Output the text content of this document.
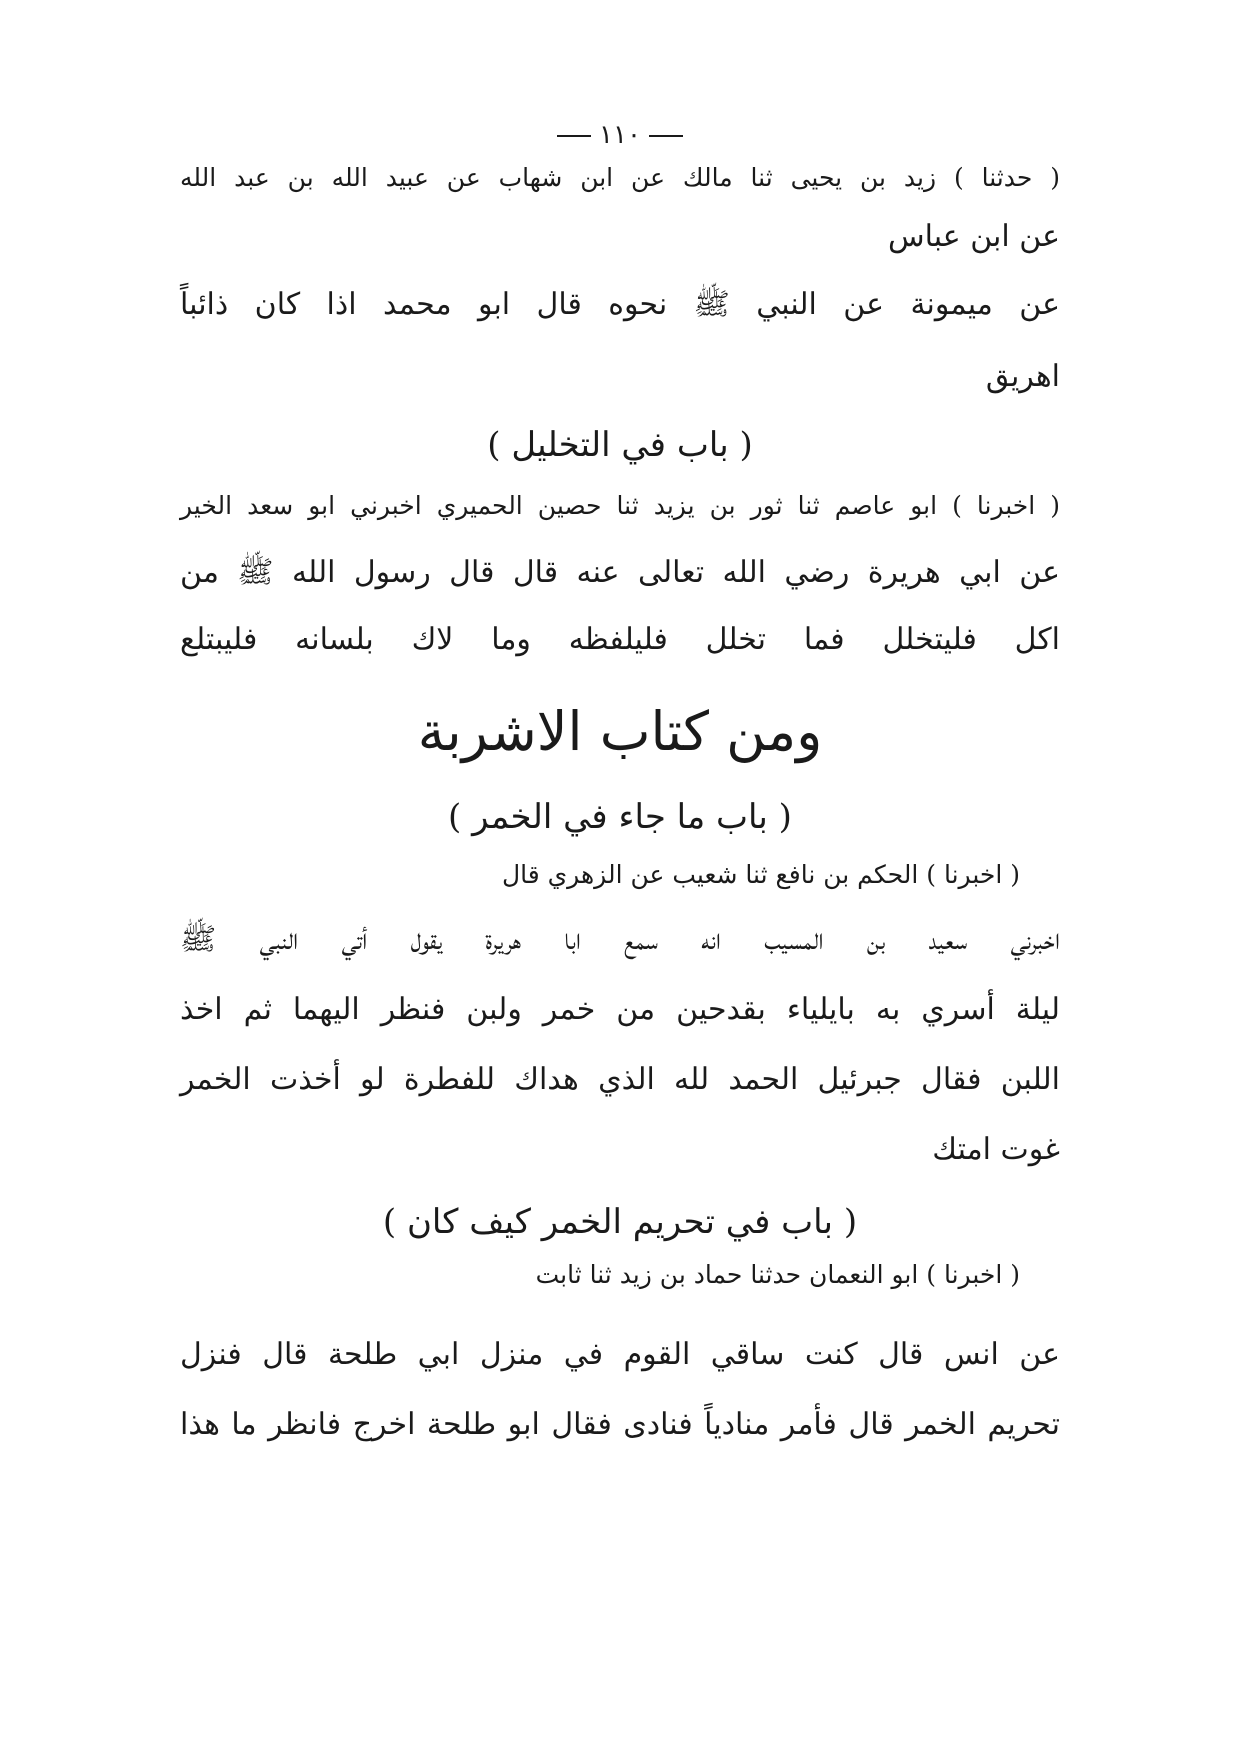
١١٠
( حدثنا ) زيد بن يحيى ثنا مالك عن ابن شهاب عن عبيد الله بن عبد الله
عن ابن عباس
عن ميمونة عن النبي ﷺ نحوه قال ابو محمد اذا كان ذائباً
اهريق
( باب في التخليل )
( اخبرنا ) ابو عاصم ثنا ثور بن يزيد ثنا حصين الحميري اخبرني ابو سعد الخير
عن ابي هريرة رضي الله تعالى عنه قال قال رسول الله ﷺ من
اكل فليتخلل فما تخلل فليلفظه وما لاك بلسانه فليبتلع
ومن كتاب الاشربة
( باب ما جاء في الخمر )
( اخبرنا ) الحكم بن نافع ثنا شعيب عن الزهري قال
اخبرني سعيد بن المسيب انه سمع ابا هريرة يقول أتي النبي ﷺ
ليلة أسري به بايلياء بقدحين من خمر ولبن فنظر اليهما ثم اخذ
اللبن فقال جبرئيل الحمد لله الذي هداك للفطرة لو أخذت الخمر
غوت امتك
( باب في تحريم الخمر كيف كان )
( اخبرنا ) ابو النعمان حدثنا حماد بن زيد ثنا ثابت
عن انس قال كنت ساقي القوم في منزل ابي طلحة قال فنزل
تحريم الخمر قال فأمر منادياً فنادى فقال ابو طلحة اخرج فانظر ما هذا
